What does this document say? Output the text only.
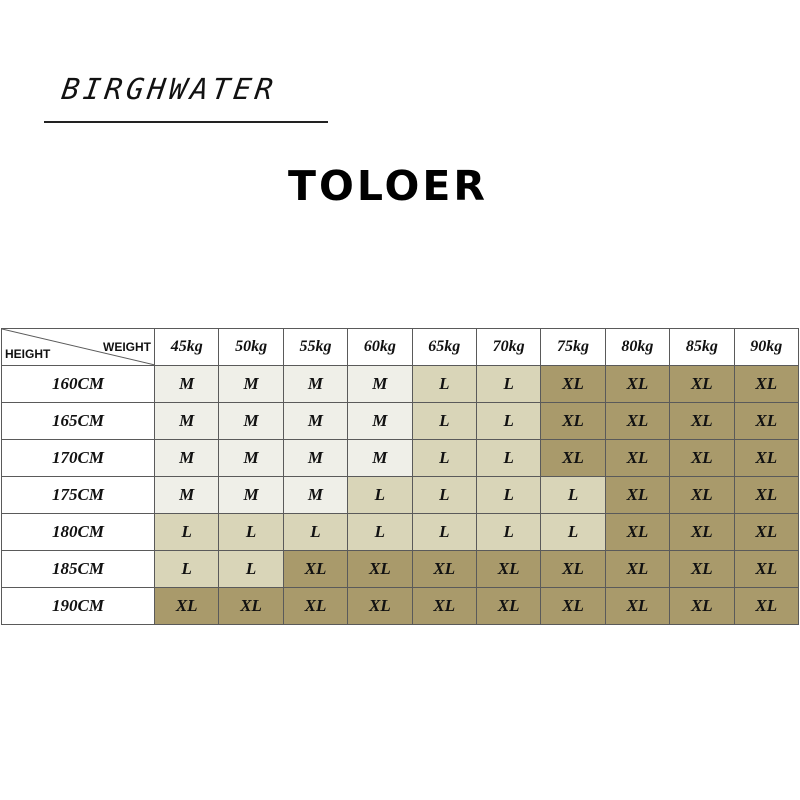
BIRGHWATER
TOLOER
HEIGHT WEIGHT	45kg	50kg	55kg	60kg	65kg	70kg	75kg	80kg	85kg	90kg
160CM	M	M	M	M	L	L	XL	XL	XL	XL
165CM	M	M	M	M	L	L	XL	XL	XL	XL
170CM	M	M	M	M	L	L	XL	XL	XL	XL
175CM	M	M	M	L	L	L	L	XL	XL	XL
180CM	L	L	L	L	L	L	L	XL	XL	XL
185CM	L	L	XL	XL	XL	XL	XL	XL	XL	XL
190CM	XL	XL	XL	XL	XL	XL	XL	XL	XL	XL
